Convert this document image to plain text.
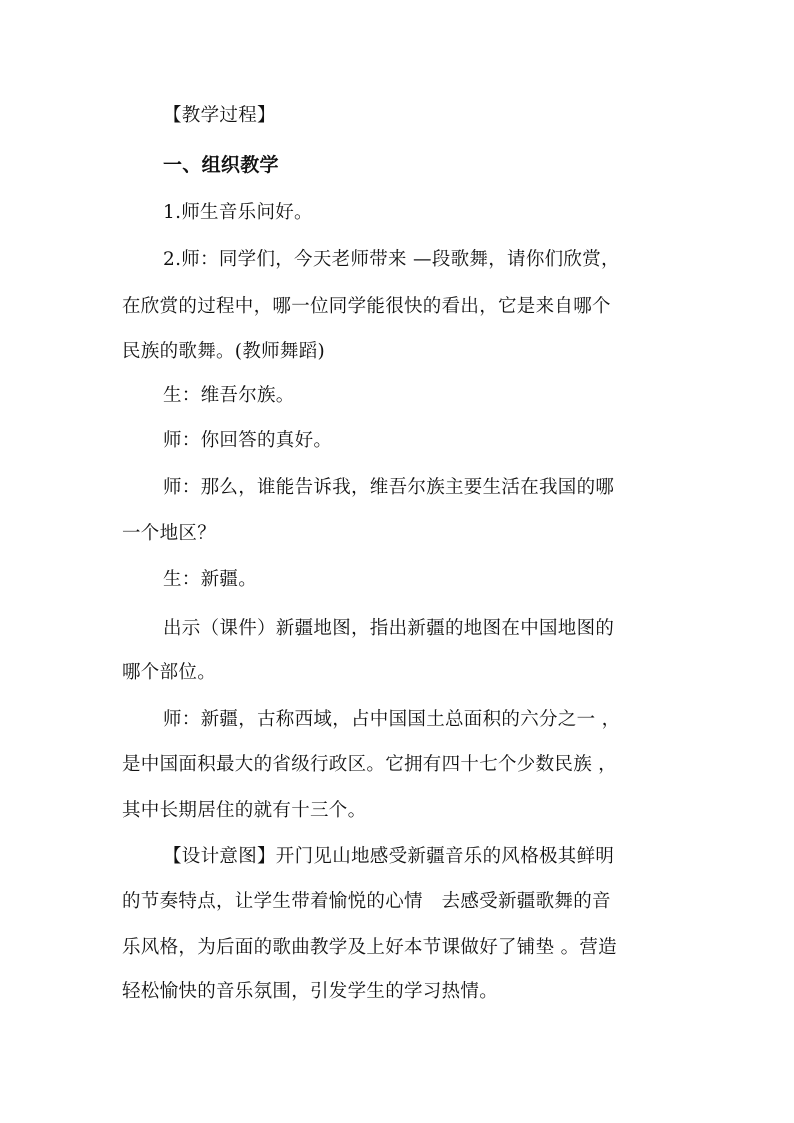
【教学过程】
一、组织教学
1.师生音乐问好。
2.师：同学们，今天老师带来 —段歌舞，请你们欣赏，
在欣赏的过程中，哪一位同学能很快的看出，它是来自哪个
民族的歌舞。(教师舞蹈)
生：维吾尔族。
师：你回答的真好。
师：那么，谁能告诉我，维吾尔族主要生活在我国的哪
一个地区？
生：新疆。
出示（课件）新疆地图，指出新疆的地图在中国地图的
哪个部位。
师：新疆，古称西域，占中国国土总面积的六分之一 ，
是中国面积最大的省级行政区。它拥有四十七个少数民族 ，
其中长期居住的就有十三个。
【设计意图】开门见山地感受新疆音乐的风格极其鲜明
的节奏特点，让学生带着愉悦的心情　去感受新疆歌舞的音
乐风格，为后面的歌曲教学及上好本节课做好了铺垫 。营造
轻松愉快的音乐氛围，引发学生的学习热情。
